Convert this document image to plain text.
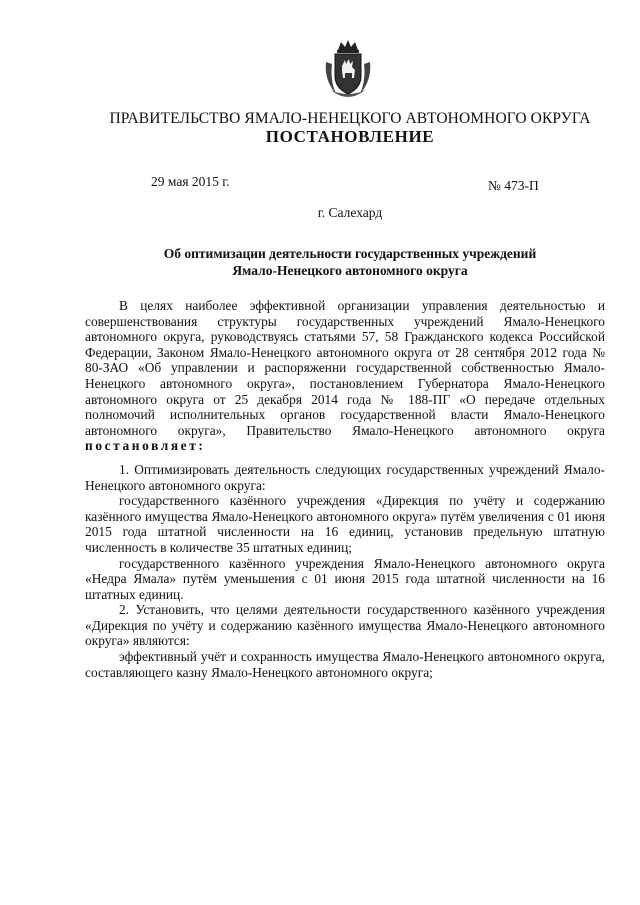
ПРАВИТЕЛЬСТВО ЯМАЛО-НЕНЕЦКОГО АВТОНОМНОГО ОКРУГА
ПОСТАНОВЛЕНИЕ
29 мая 2015 г.	№ 473-П
г. Салехард
Об оптимизации деятельности государственных учреждений
Ямало-Ненецкого автономного округа

В целях наиболее эффективной организации управления деятельностью и совершенствования структуры государственных учреждений Ямало-Ненецкого автономного округа, руководствуясь статьями 57, 58 Гражданского кодекса Российской Федерации, Законом Ямало-Ненецкого автономного округа от 28 сентября 2012 года № 80-ЗАО «Об управлении и распоряженни государственной собственностью Ямало-Ненецкого автономного округа», постановлением Губернатора Ямало-Ненецкого автономного округа от 25 декабря 2014 года № 188-ПГ «О передаче отдельных полномочий исполнительных органов государственной власти Ямало-Ненецкого автономного округа», Правительство Ямало-Ненецкого автономного округа постановляет:

1. Оптимизировать деятельность следующих государственных учреждений Ямало-Ненецкого автономного округа:

государственного казённого учреждения «Дирекция по учёту и содержанию казённого имущества Ямало-Ненецкого автономного округа» путём увеличения с 01 июня 2015 года штатной численности на 16 единиц, установив предельную штатную численность в количестве 35 штатных единиц;

государственного казённого учреждения Ямало-Ненецкого автономного округа «Недра Ямала» путём уменьшения с 01 июня 2015 года штатной численности на 16 штатных единиц.

2. Установить, что целями деятельности государственного казённого учреждения «Дирекция по учёту и содержанию казённого имущества Ямало-Ненецкого автономного округа» являются:

эффективный учёт и сохранность имущества Ямало-Ненецкого автономного округа, составляющего казну Ямало-Ненецкого автономного округа;
